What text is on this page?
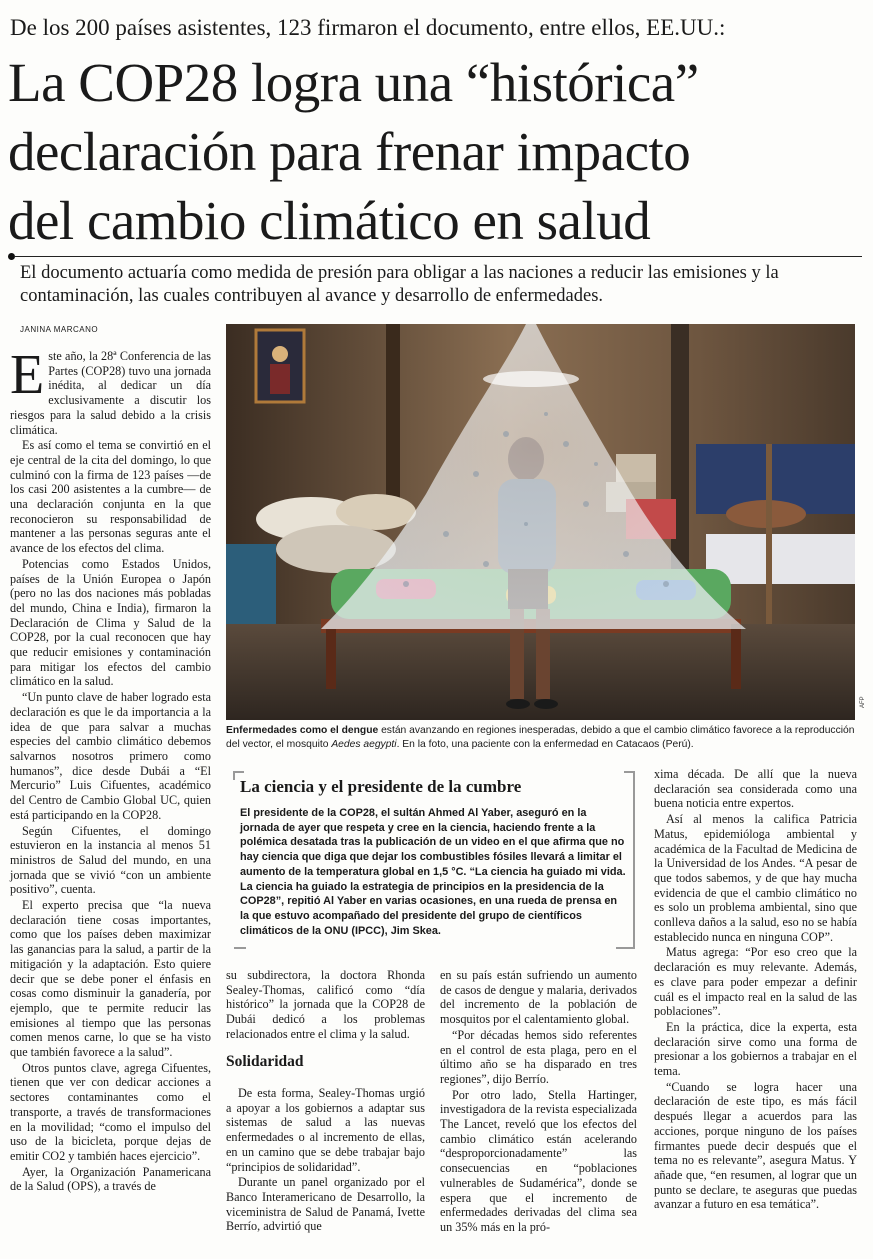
De los 200 países asistentes, 123 firmaron el documento, entre ellos, EE.UU.:
La COP28 logra una “histórica”
declaración para frenar impacto
del cambio climático en salud
El documento actuaría como medida de presión para obligar a las naciones a reducir las emisiones y la contaminación, las cuales contribuyen al avance y desarrollo de enfermedades.
JANINA MARCANO

Este año, la 28ª Conferencia de las Partes (COP28) tuvo una jornada inédita, al dedicar un día exclusivamente a discutir los riesgos para la salud debido a la crisis climática.

Es así como el tema se convirtió en el eje central de la cita del domingo, lo que culminó con la firma de 123 países —de los casi 200 asistentes a la cumbre— de una declaración conjunta en la que reconocieron su responsabilidad de mantener a las personas seguras ante el avance de los efectos del clima.

Potencias como Estados Unidos, países de la Unión Europea o Japón (pero no las dos naciones más pobladas del mundo, China e India), firmaron la Declaración de Clima y Salud de la COP28, por la cual reconocen que hay que reducir emisiones y contaminación para mitigar los efectos del cambio climático en la salud.

“Un punto clave de haber logrado esta declaración es que le da importancia a la idea de que para salvar a muchas especies del cambio climático debemos salvarnos nosotros primero como humanos”, dice desde Dubái a “El Mercurio” Luis Cifuentes, académico del Centro de Cambio Global UC, quien está participando en la COP28.

Según Cifuentes, el domingo estuvieron en la instancia al menos 51 ministros de Salud del mundo, en una jornada que se vivió “con un ambiente positivo”, cuenta.

El experto precisa que “la nueva declaración tiene cosas importantes, como que los países deben maximizar las ganancias para la salud, a partir de la mitigación y la adaptación. Esto quiere decir que se debe poner el énfasis en cosas como disminuir la ganadería, por ejemplo, que te permite reducir las emisiones al tiempo que las personas comen menos carne, lo que se ha visto que también favorece a la salud”.

Otros puntos clave, agrega Cifuentes, tienen que ver con dedicar acciones a sectores contaminantes como el transporte, a través de transformaciones en la movilidad; “como el impulso del uso de la bicicleta, porque dejas de emitir CO2 y también haces ejercicio”.

Ayer, la Organización Panamericana de la Salud (OPS), a través de

AFP
Enfermedades como el dengue están avanzando en regiones inesperadas, debido a que el cambio climático favorece a la reproducción del vector, el mosquito Aedes aegypti. En la foto, una paciente con la enfermedad en Catacaos (Perú).
La ciencia y el presidente de la cumbre
El presidente de la COP28, el sultán Ahmed Al Yaber, aseguró en la jornada de ayer que respeta y cree en la ciencia, haciendo frente a la polémica desatada tras la publicación de un video en el que afirma que no hay ciencia que diga que dejar los combustibles fósiles llevará a limitar el aumento de la temperatura global en 1,5 °C. “La ciencia ha guiado mi vida. La ciencia ha guiado la estrategia de principios en la presidencia de la COP28”, repitió Al Yaber en varias ocasiones, en una rueda de prensa en la que estuvo acompañado del presidente del grupo de científicos climáticos de la ONU (IPCC), Jim Skea.

su subdirectora, la doctora Rhonda Sealey-Thomas, calificó como “día histórico” la jornada que la COP28 de Dubái dedicó a los problemas relacionados entre el clima y la salud.

Solidaridad

De esta forma, Sealey-Thomas urgió a apoyar a los gobiernos a adaptar sus sistemas de salud a las nuevas enfermedades o al incremento de ellas, en un camino que se debe trabajar bajo “principios de solidaridad”.

Durante un panel organizado por el Banco Interamericano de Desarrollo, la viceministra de Salud de Panamá, Ivette Berrío, advirtió que

en su país están sufriendo un aumento de casos de dengue y malaria, derivados del incremento de la población de mosquitos por el calentamiento global.

“Por décadas hemos sido referentes en el control de esta plaga, pero en el último año se ha disparado en tres regiones”, dijo Berrío.

Por otro lado, Stella Hartinger, investigadora de la revista especializada The Lancet, reveló que los efectos del cambio climático están acelerando “desproporcionadamente” las consecuencias en “poblaciones vulnerables de Sudamérica”, donde se espera que el incremento de enfermedades derivadas del clima sea un 35% más en la pró-

xima década. De allí que la nueva declaración sea considerada como una buena noticia entre expertos.

Así al menos la califica Patricia Matus, epidemióloga ambiental y académica de la Facultad de Medicina de la Universidad de los Andes. “A pesar de que todos sabemos, y de que hay mucha evidencia de que el cambio climático no es solo un problema ambiental, sino que conlleva daños a la salud, eso no se había establecido nunca en ninguna COP”.

Matus agrega: “Por eso creo que la declaración es muy relevante. Además, es clave para poder empezar a definir cuál es el impacto real en la salud de las poblaciones”.

En la práctica, dice la experta, esta declaración sirve como una forma de presionar a los gobiernos a trabajar en el tema.

“Cuando se logra hacer una declaración de este tipo, es más fácil después llegar a acuerdos para las acciones, porque ninguno de los países firmantes puede decir después que el tema no es relevante”, asegura Matus. Y añade que, “en resumen, al lograr que un punto se declare, te aseguras que puedas avanzar a futuro en esa temática”.
